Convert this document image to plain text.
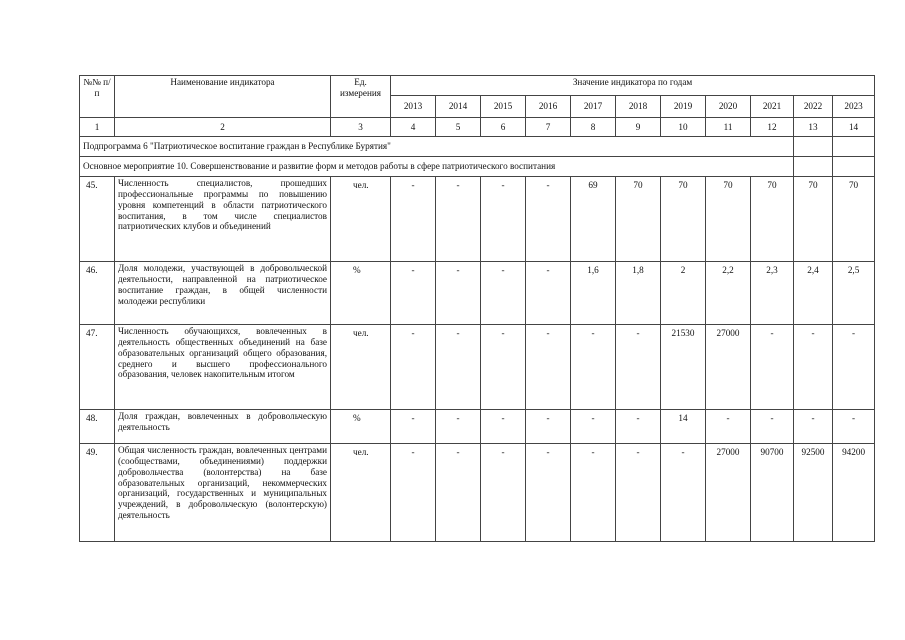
№№ п/п	Наименование индикатора	Ед. измерения	Значение индикатора по годам										
			2013	2014	2015	2016	2017	2018	2019	2020	2021	2022	2023
1	2	3	4	5	6	7	8	9	10	11	12	13	14
Подпрограмма 6 "Патриотическое воспитание граждан в Республике Бурятия"													
Основное мероприятие 10. Совершенствование и развитие форм и методов работы в сфере патриотического воспитания													
45.	Численность специалистов, прошедших профессиональные программы по повышению уровня компетенций в области патриотического воспитания, в том числе специалистов патриотических клубов и объединений	чел.	-	-	-	-	69	70	70	70	70	70	70
46.	Доля молодежи, участвующей в добровольческой деятельности, направленной на патриотическое воспитание граждан, в общей численности молодежи республики	%	-	-	-	-	1,6	1,8	2	2,2	2,3	2,4	2,5
47.	Численность обучающихся, вовлеченных в деятельность общественных объединений на базе образовательных организаций общего образования, среднего и высшего профессионального образования, человек накопительным итогом	чел.	-	-	-	-	-	-	21530	27000	-	-	-
48.	Доля граждан, вовлеченных в добровольческую деятельность	%	-	-	-	-	-	-	14	-	-	-	-
49.	Общая численность граждан, вовлеченных центрами (сообществами, объединениями) поддержки добровольчества (волонтерства) на базе образовательных организаций, некоммерческих организаций, государственных и муниципальных учреждений, в добровольческую (волонтерскую) деятельность	чел.	-	-	-	-	-	-	-	27000	90700	92500	94200
